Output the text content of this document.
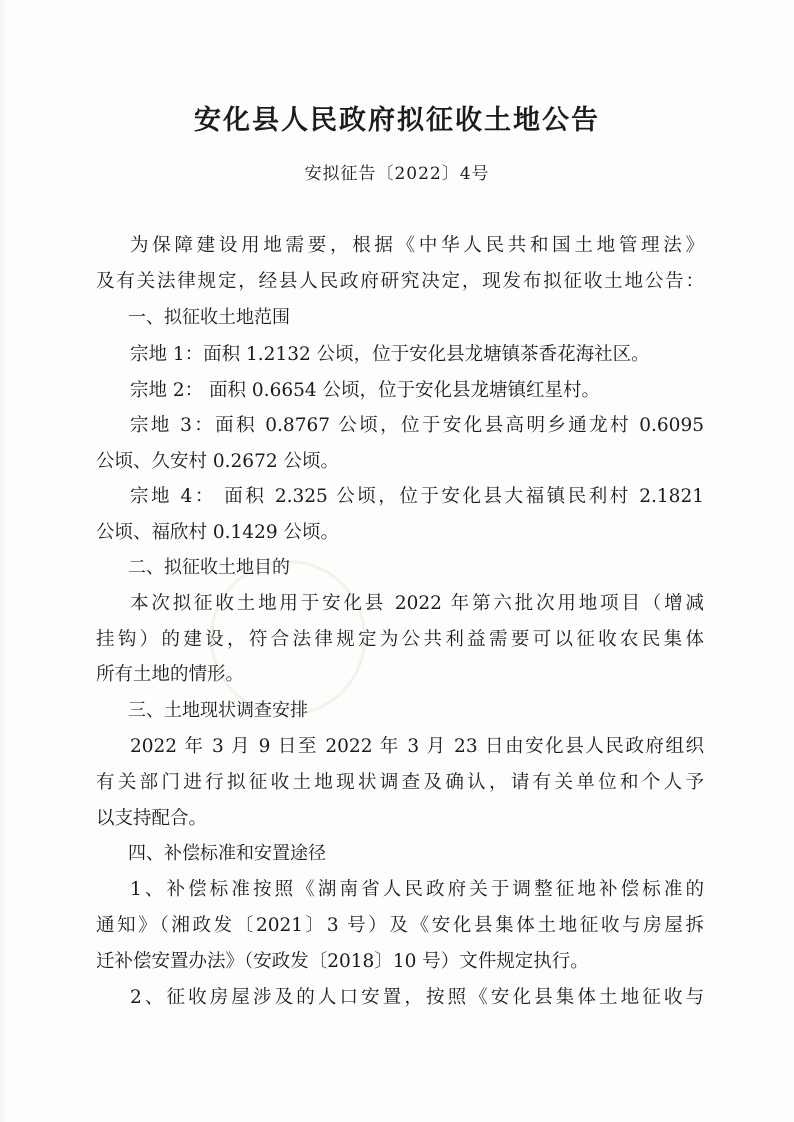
安化县人民政府拟征收土地公告
安拟征告〔2022〕4号
为保障建设用地需要，根据《中华人民共和国土地管理法》
及有关法律规定，经县人民政府研究决定，现发布拟征收土地公告：
一、拟征收土地范围
宗地 1：面积 1.2132 公顷，位于安化县龙塘镇茶香花海社区。
宗地 2： 面积 0.6654 公顷，位于安化县龙塘镇红星村。
宗地 3：面积 0.8767 公顷，位于安化县高明乡通龙村 0.6095
公顷、久安村 0.2672 公顷。
宗地 4： 面积 2.325 公顷，位于安化县大福镇民利村 2.1821
公顷、福欣村 0.1429 公顷。
二、拟征收土地目的
本次拟征收土地用于安化县 2022 年第六批次用地项目（增减
挂钩）的建设，符合法律规定为公共利益需要可以征收农民集体
所有土地的情形。
三、土地现状调查安排
2022 年 3 月 9 日至 2022 年 3 月 23 日由安化县人民政府组织
有关部门进行拟征收土地现状调查及确认，请有关单位和个人予
以支持配合。
四、补偿标准和安置途径
1、补偿标准按照《湖南省人民政府关于调整征地补偿标准的
通知》（湘政发〔2021〕3 号）及《安化县集体土地征收与房屋拆
迁补偿安置办法》（安政发〔2018〕10 号）文件规定执行。
2、征收房屋涉及的人口安置，按照《安化县集体土地征收与
